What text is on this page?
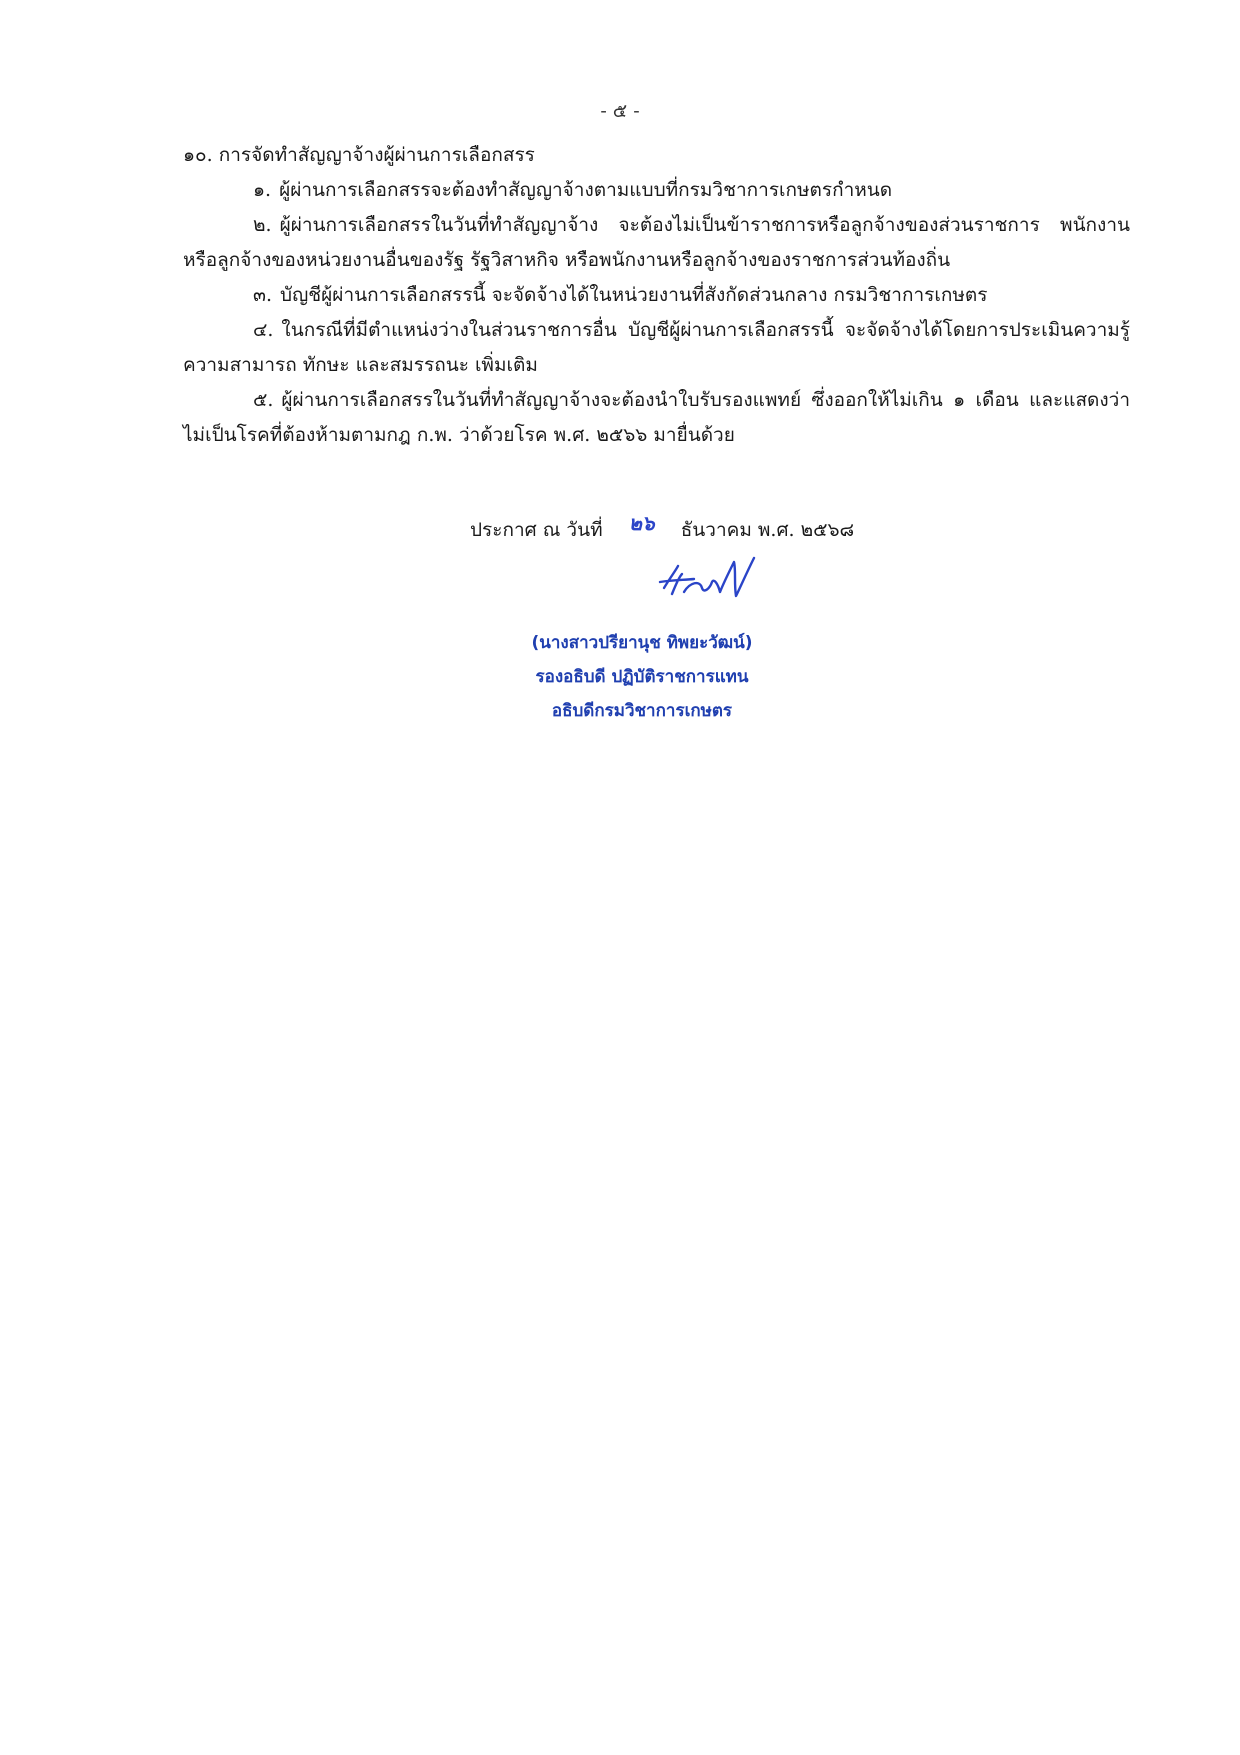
- ๕ -

๑๐. การจัดทำสัญญาจ้างผู้ผ่านการเลือกสรร

๑. ผู้ผ่านการเลือกสรรจะต้องทำสัญญาจ้างตามแบบที่กรมวิชาการเกษตรกำหนด

๒. ผู้ผ่านการเลือกสรรในวันที่ทำสัญญาจ้าง จะต้องไม่เป็นข้าราชการหรือลูกจ้างของส่วนราชการ พนักงานหรือลูกจ้างของหน่วยงานอื่นของรัฐ รัฐวิสาหกิจ หรือพนักงานหรือลูกจ้างของราชการส่วนท้องถิ่น

๓. บัญชีผู้ผ่านการเลือกสรรนี้ จะจัดจ้างได้ในหน่วยงานที่สังกัดส่วนกลาง กรมวิชาการเกษตร

๔. ในกรณีที่มีตำแหน่งว่างในส่วนราชการอื่น บัญชีผู้ผ่านการเลือกสรรนี้ จะจัดจ้างได้โดยการประเมินความรู้ความสามารถ ทักษะ และสมรรถนะ เพิ่มเติม

๕. ผู้ผ่านการเลือกสรรในวันที่ทำสัญญาจ้างจะต้องนำใบรับรองแพทย์ ซึ่งออกให้ไม่เกิน ๑ เดือน และแสดงว่าไม่เป็นโรคที่ต้องห้ามตามกฎ ก.พ. ว่าด้วยโรค พ.ศ. ๒๕๖๖ มายื่นด้วย

ประกาศ ณ วันที่ ๒๖ ธันวาคม พ.ศ. ๒๕๖๘
(นางสาวปรียานุช ทิพยะวัฒน์)
รองอธิบดี ปฏิบัติราชการแทน
อธิบดีกรมวิชาการเกษตร
